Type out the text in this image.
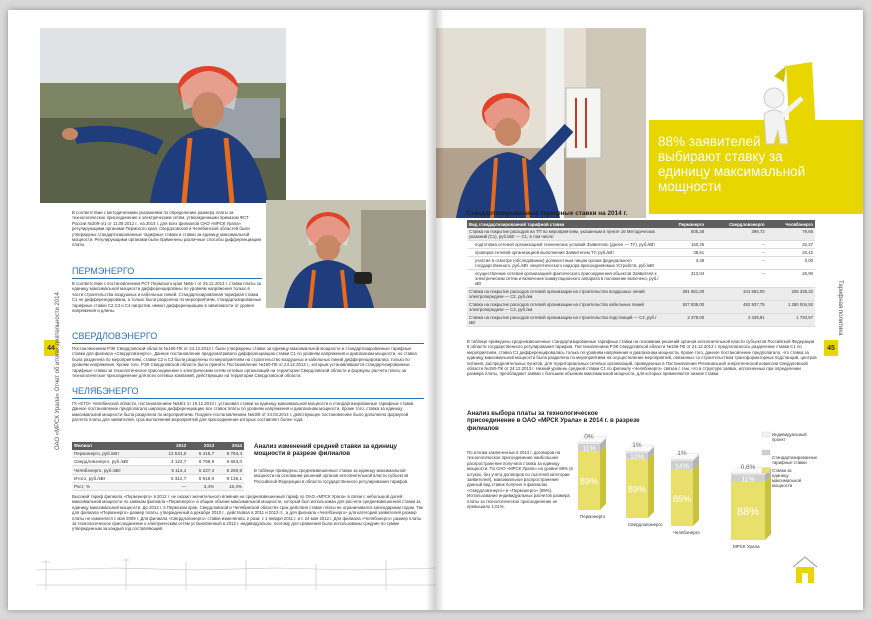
В соответствии с методическими указаниями по определению размера платы за технологическое присоединение к электрическим сетям, утвержденными приказом ФСТ России №209-э/1 от 11.09.2012 г., на 2014 г. для всех филиалов ОАО «МРСК Урала» регулирующими органами Пермского края, Свердловской и Челябинской областей были утверждены стандартизированные тарифные ставки и ставки за единицу максимальной мощности. Регулирующими органами были применены различные способы дифференциации платы.
ПЕРМЭНЕРГО
В соответствии с постановлением РСТ Пермского края №65-т от 25.12.2013 г. ставки платы за единицу максимальной мощности дифференцированы по уровням напряжения только в части строительства воздушных и кабельных линий. Стандартизированная тарифная ставка С1 не дифференцирована, а только была разделена по мероприятиям, стандартизированные тарифные ставки С2,С3 и С4 напротив, имеют дифференциацию в зависимости от уровня напряжения и длины.
СВЕРДЛОВЭНЕРГО
Постановлением РЭК Свердловской области №156-ПК от 24.12.2013 г. были утверждены ставки за единицу максимальной мощности и стандартизированные тарифные ставки для филиала «Свердловэнерго». Данное постановление предусматривало дифференциацию ставки С1 по уровням напряжения и диапазонам мощности, но ставка была разделена по мероприятиям, ставки С2 и С3 были разделены по мероприятиям на строительство воздушных и кабельных линий дифференцировались только по уровням напряжения. Кроме того, РЭК Свердловской области было принято Постановление №150-ПК от 24.12.2013 г., которым устанавливаются стандартизированные тарифные ставки за технологическое присоединение к электрическим сетям сетевых организаций на территории Свердловской области и формулы расчета платы за технологическое присоединение для всех сетевых компаний, действующих на территории Свердловской области.
ЧЕЛЯБЭНЕРГО
ГК «ЕТО» Челябинской области, постановлением №58/1 от 19.12.2013 г. установил ставки за единицу максимальной мощности и стандартизированные тарифные ставки. Данное постановление предполагало широкую дифференциацию все ставок платы по уровням напряжения и диапазонам мощности. Кроме того, ставка за единицу максимальной мощности была разделена по мероприятиям. Позднее постановлением №63/8 от 24.03.2014 г. действующее постановление было дополнено формулой расчета платы для заявителей, срок выполнения мероприятий для присоединения которых составляет более года.
Филиал	2012	2013	2014
Пермэнерго, руб./кВт	12 531,0	5 415,7	8 764,4
Свердловэнерго, руб./кВт	4 122,7	6 769,9	6 663,0
Челябэнерго, руб./кВт	5 114,1	5 227,4	5 290,8
Итого, руб./кВт	5 312,7	5 619,0	6 136,1
Рост, %	—	3,4%	15,4%
Анализ изменений средней ставки за единицу мощности в разрезе филиалов
В таблице приведены средневзвешенные ставки за единицу максимальной мощности на основании решений органов исполнительной власти субъектов Российской Федерации в области государственного регулирования тарифов.
Высокий тариф филиала «Пермэнерго» в 2012 г. не оказал значительного влияния на средневзвешенный тариф по ОАО «МРСК Урала» в связи с небольшой долей максимальной мощности по заявкам филиала «Пермэнерго» в общем объеме максимальной мощности, который был использован для расчета средневзвешенной ставки за единицу максимальной мощности. До 2013 г. в Пермском крае, Свердловской и Челябинской областях срок действия ставок платы не ограничивался календарным годом. Так для филиала «Пермэнерго» размер платы, утвержденный в декабре 2010 г., действовал в 2011 и 2012 гг., а для филиала «Челябэнерго» для категорий заявителей размер платы не изменялся с мая 2009 г. Для филиала «Свердловэнерго» ставки изменялись 2 раза: с 1 января 2011 г. и с 24 мая 2012 г. Для филиала «Челябэнерго» размер платы за технологическое присоединение к электрическим сетям установленный в 2012 г. индивидуально, поэтому для сравнения были использованы средние по сумме утвержденным за каждый год составляющий.
44 ОАО «МРСК Урала» Отчет об итогах деятельности 2014
88% заявителей выбирают ставку за единицу максимальной мощности
Стандартизированные тарифные ставки на 2014 г.
Вид стандартизированной тарифной ставки	Пермэнерго	Свердловэнерго	Челябэнерго
Ставка на покрытие расходов на ТП по мероприятиям, указанным в пункте 16 Методических указаний (С1), руб./кВт — С1, в том числе:	505,28	399,72	79,66
подготовка сетевой организацией технических условий Заявителю (далее — ТУ), руб./кВт	150,25	–	32,37
проверка сетевой организацией выполнения Заявителем ТУ, руб./кВт	38,51	–	20,42
участие в осмотре (обследовании) должностным лицом органа федерального государственного, руб./кВт энергетического надзора присоединяемых Устройств, руб./кВт	3,48	–	0,00
осуществление сетевой организацией фактического присоединения объектов Заявителя к электрическим сетям и включение коммутационного аппарата в положение включено, руб./кВт	313,04	–	26,90
Ставка на покрытие расходов сетевой организации на строительство воздушных линий электропередачи — С2, руб./км	291 861,00	341 562,00	206 338,32
Ставка на покрытие расходов сетевой организации на строительство кабельных линий электропередачи — С3, руб./км	527 835,00	482 937,75	1 280 004,92
Ставка на покрытие расходов сетевой организации на строительство подстанций — С4, руб./кВт	2 379,00	2 339,91	1 720,57
В таблице приведены средневзвешенные стандартизированные тарифные ставки на основании решений органов исполнительной власти субъектов Российской Федерации в области государственного регулирования тарифов. Постановлением РЭК Свердловской области №156-ПК от 24.12.2013 г. предполагалось разделение ставки С1 по мероприятиям, ставка С1 дифференцировалась только по уровням напряжения и диапазонам мощности. Кроме того, данное постановление предполагало, что ставка за единицу максимальной мощности была разделена по мероприятиям на осуществление мероприятий, связанных со строительством трансформаторных подстанций, центров питания, распределительных пунктов, для территориальных сетевых организаций, приведенных в Постановлении Региональной энергетической комиссии Свердловской области №150-ПК от 24.12.2013 г. Низкий уровень средней ставки С1 по филиалу «Челябэнерго» связан с тем, что в структуре заявок, исполненных при определении размера платы, преобладают заявки с большим объемом максимальной мощности, для которых применяются низкие ставки.
Анализ выбора платы за технологическое присоединение в ОАО «МРСК Урала» в 2014 г. в разрезе филиалов
По итогам заключенных в 2014 г. договоров на технологическое присоединение наибольшее распространение получила ставка за единицу мощности. По ОАО «МРСК Урала» на уровне 88% (в штуках, без учета договоров по льготной категории заявителей), максимальное распространение данный вид ставок получил в филиалах «Свердловэнерго» и «Пермэнерго» (89%). Использование индивидуальных расчетов размера платы за технологическое присоединение не превышало 1,01%.
89%
11%
0%
Пермэнерго
89%
10%
1%
Свердловэнерго
85%
14%
1%
Челябэнерго
88%
11%
0,6%
МРСК Урала
Индивидуальный проект
Стандартизированные тарифные ставки
Ставки за единицу максимальной мощности
45
Тарифная политика
